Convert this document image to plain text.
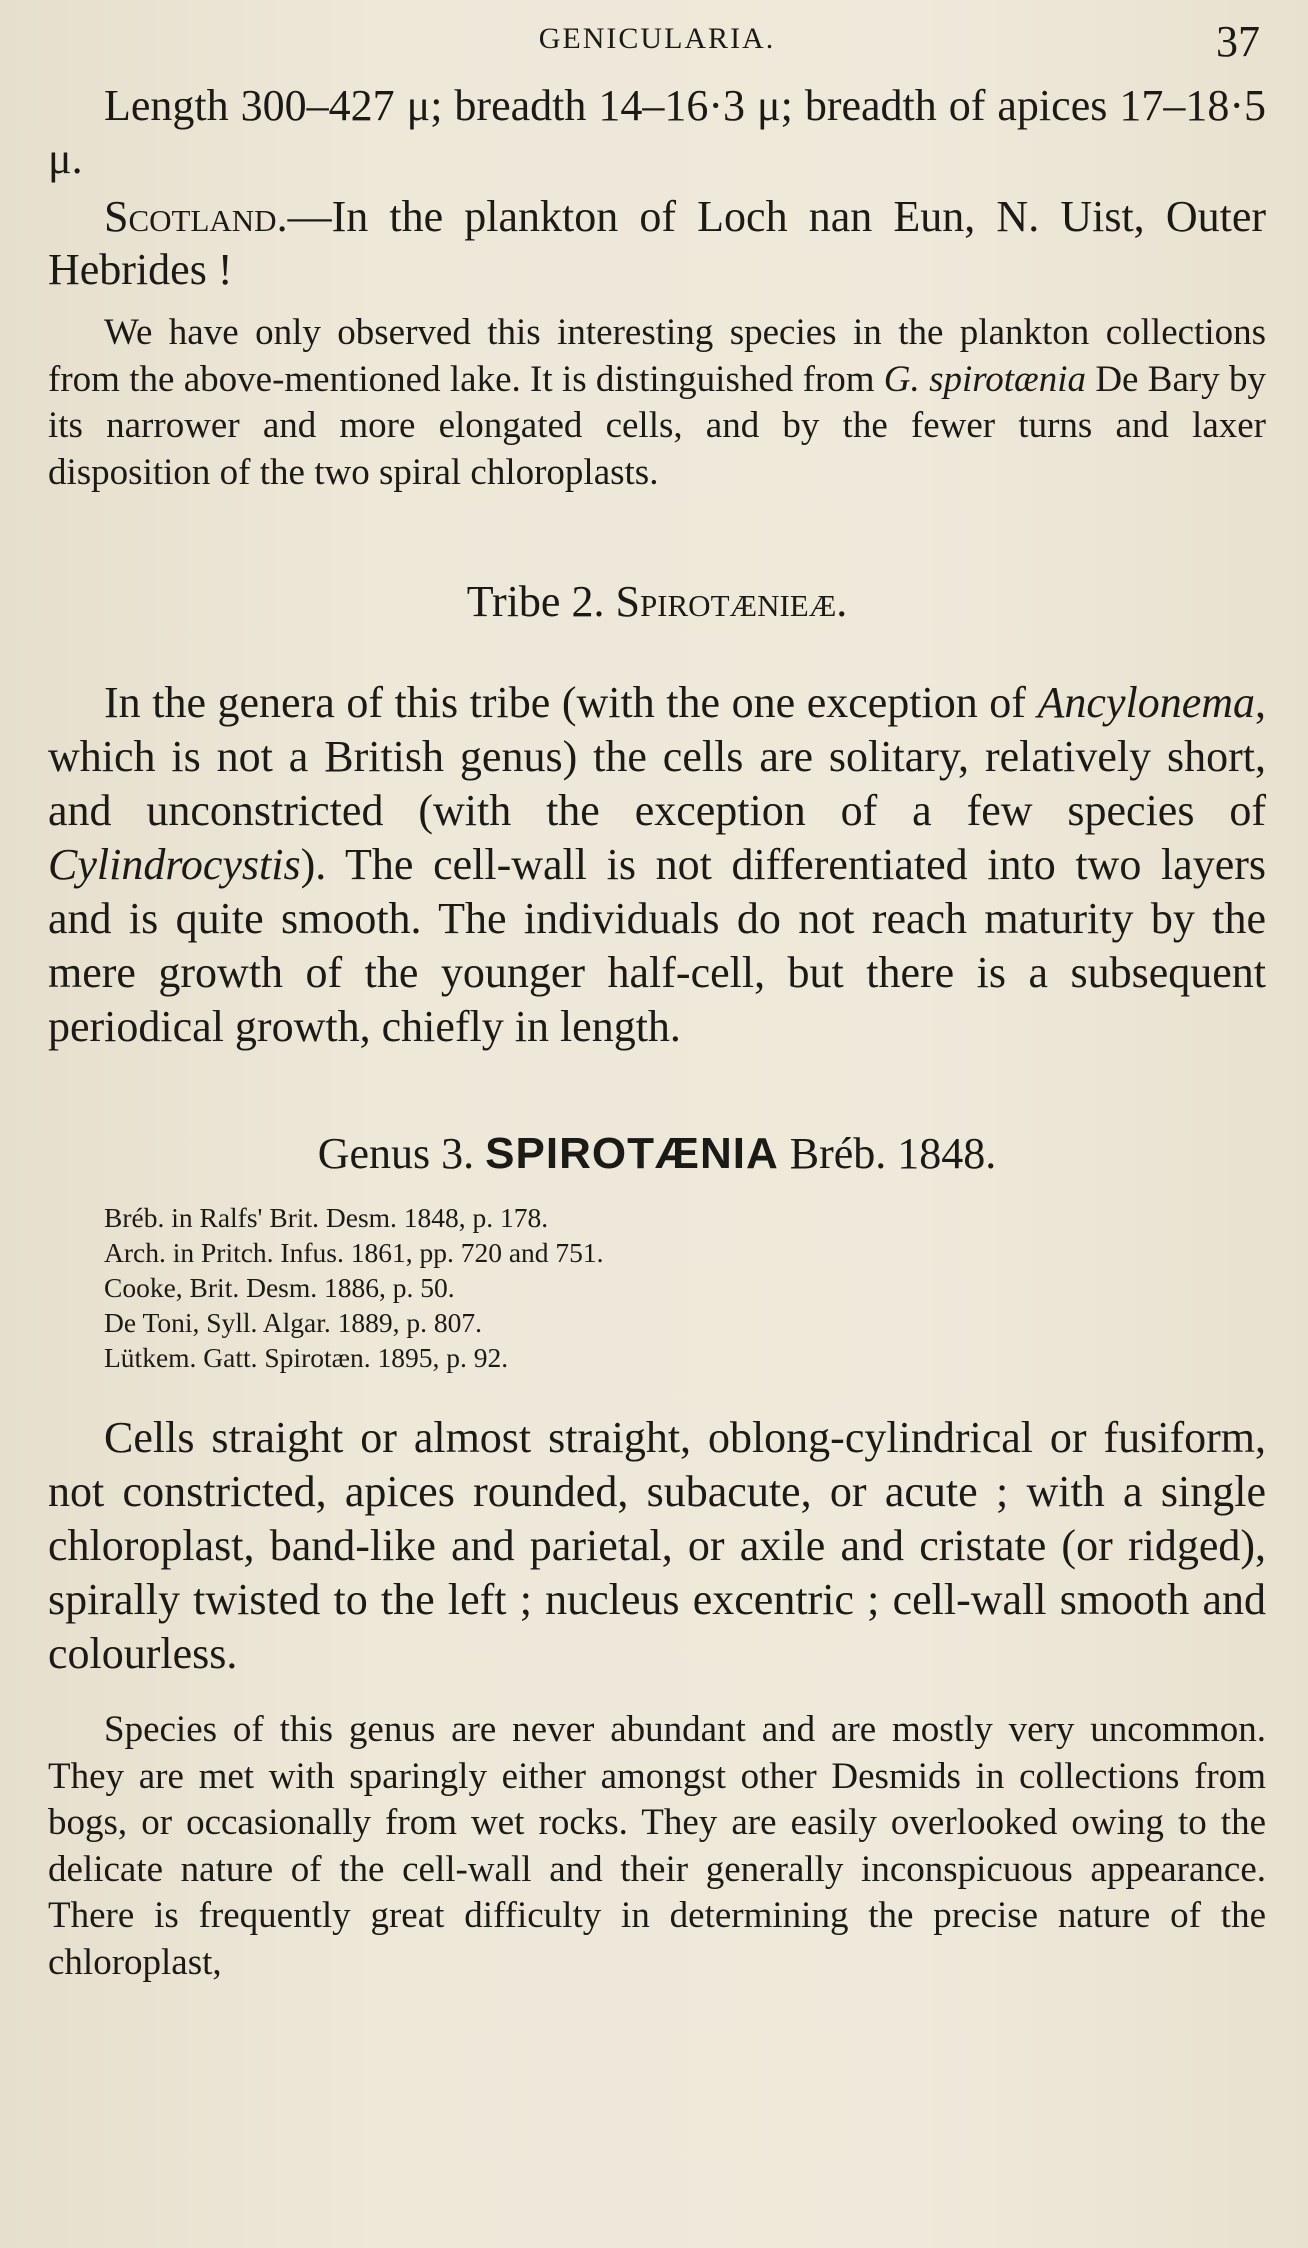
GENICULARIA.	37

Length 300–427 μ; breadth 14–16·3 μ; breadth of apices 17–18·5 μ.

Scotland.—In the plankton of Loch nan Eun, N. Uist, Outer Hebrides !

We have only observed this interesting species in the plankton collections from the above-mentioned lake. It is distinguished from G. spirotænia De Bary by its narrower and more elongated cells, and by the fewer turns and laxer disposition of the two spiral chloroplasts.

Tribe 2. Spirotænieæ.

In the genera of this tribe (with the one exception of Ancylonema, which is not a British genus) the cells are solitary, relatively short, and unconstricted (with the exception of a few species of Cylindrocystis). The cell-wall is not differentiated into two layers and is quite smooth. The individuals do not reach maturity by the mere growth of the younger half-cell, but there is a subsequent periodical growth, chiefly in length.

Genus 3. SPIROTÆNIA Bréb. 1848.
Bréb. in Ralfs' Brit. Desm. 1848, p. 178.
Arch. in Pritch. Infus. 1861, pp. 720 and 751.
Cooke, Brit. Desm. 1886, p. 50.
De Toni, Syll. Algar. 1889, p. 807.
Lütkem. Gatt. Spirotæn. 1895, p. 92.

Cells straight or almost straight, oblong-cylindrical or fusiform, not constricted, apices rounded, subacute, or acute ; with a single chloroplast, band-like and parietal, or axile and cristate (or ridged), spirally twisted to the left ; nucleus excentric ; cell-wall smooth and colourless.

Species of this genus are never abundant and are mostly very uncommon. They are met with sparingly either amongst other Desmids in collections from bogs, or occasionally from wet rocks. They are easily overlooked owing to the delicate nature of the cell-wall and their generally inconspicuous appearance. There is frequently great difficulty in determining the precise nature of the chloroplast,
